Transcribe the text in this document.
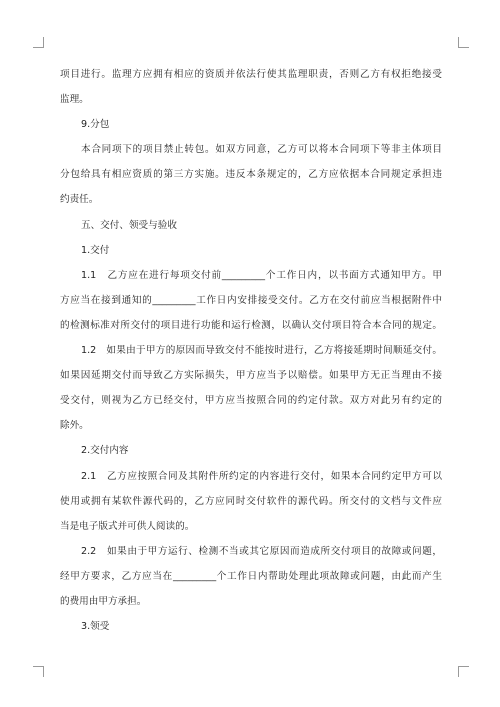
项目进行。监理方应拥有相应的资质并依法行使其监理职责，否则乙方有权拒绝接受

监理。

9.分包

本合同项下的项目禁止转包。如双方同意，乙方可以将本合同项下等非主体项目

分包给具有相应资质的第三方实施。违反本条规定的，乙方应依据本合同规定承担违

约责任。

五、交付、领受与验收

1.交付

1.1　乙方应在进行每项交付前_________个工作日内，以书面方式通知甲方。甲

方应当在接到通知的_________工作日内安排接受交付。乙方在交付前应当根据附件中

的检测标准对所交付的项目进行功能和运行检测，以确认交付项目符合本合同的规定。

1.2　如果由于甲方的原因而导致交付不能按时进行，乙方将接延期时间顺延交付。

如果因延期交付而导致乙方实际损失，甲方应当予以赔偿。如果甲方无正当理由不接

受交付，则视为乙方已经交付，甲方应当按照合同的约定付款。双方对此另有约定的

除外。

2.交付内容

2.1　乙方应按照合同及其附件所约定的内容进行交付，如果本合同约定甲方可以

使用或拥有某软件源代码的，乙方应同时交付软件的源代码。所交付的文档与文件应

当是电子版式并可供人阅读的。

2.2　如果由于甲方运行、检测不当或其它原因而造成所交付项目的故障或问题，

经甲方要求，乙方应当在_________个工作日内帮助处理此项故障或问题，由此而产生

的费用由甲方承担。

3.领受
